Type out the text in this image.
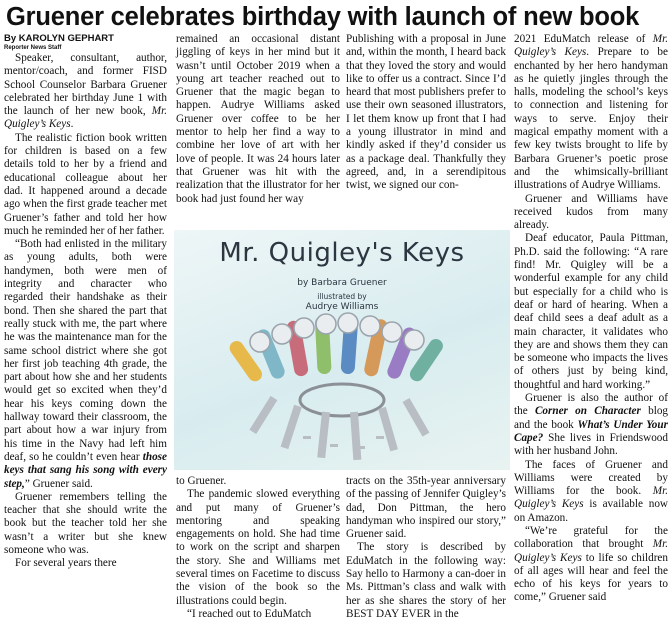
Gruener celebrates birthday with launch of new book
By KAROLYN GEPHART
Reporter News Staff

Speaker, consultant, author, mentor/coach, and former FISD School Counselor Barbara Gruener celebrated her birthday June 1 with the launch of her new book, Mr. Quigley’s Keys.

The realistic fiction book written for children is based on a few details told to her by a friend and educational colleague about her dad. It happened around a decade ago when the first grade teacher met Gruener’s father and told her how much he reminded her of her father.

“Both had enlisted in the military as young adults, both were handymen, both were men of integrity and character who regarded their handshake as their bond. Then she shared the part that really stuck with me, the part where he was the maintenance man for the same school district where she got her first job teaching 4th grade, the part about how she and her students would get so excited when they’d hear his keys coming down the hallway toward their classroom, the part about how a war injury from his time in the Navy had left him deaf, so he couldn’t even hear those keys that sang his song with every step,” Gruener said.

Gruener remembers telling the teacher that she should write the book but the teacher told her she wasn’t a writer but she knew someone who was.

For several years there

remained an occasional distant jiggling of keys in her mind but it wasn’t until October 2019 when a young art teacher reached out to Gruener that the magic began to happen. Audrye Williams asked Gruener over coffee to be her mentor to help her find a way to combine her love of art with her love of people. It was 24 hours later that Gruener was hit with the realization that the illustrator for her book had just found her way

Publishing with a proposal in June and, within the month, I heard back that they loved the story and would like to offer us a contract. Since I’d heard that most publishers prefer to use their own seasoned illustrators, I let them know up front that I had a young illustrator in mind and kindly asked if they’d consider us as a package deal. Thankfully they agreed, and, in a serendipitous twist, we signed our con-

Mr. Quigley's Keys
by Barbara Gruener
illustrated by
Audrye Williams

to Gruener.

The pandemic slowed everything and put many of Gruener’s mentoring and speaking engagements on hold. She had time to work on the script and sharpen the story. She and Williams met several times on Facetime to discuss the vision of the book so the illustrations could begin.

“I reached out to EduMatch

tracts on the 35th-year anniversary of the passing of Jennifer Quigley’s dad, Don Pittman, the hero handyman who inspired our story,” Gruener said.

The story is described by EduMatch in the following way: Say hello to Harmony a can-doer in Ms. Pittman’s class and walk with her as she shares the story of her BEST DAY EVER in the

2021 EduMatch release of Mr. Quigley’s Keys. Prepare to be enchanted by her hero handyman as he quietly jingles through the halls, modeling the school’s keys to connection and listening for ways to serve. Enjoy their magical empathy moment with a few key twists brought to life by Barbara Gruener’s poetic prose and the whimsically-brilliant illustrations of Audrye Williams.

Gruener and Williams have received kudos from many already.

Deaf educator, Paula Pittman, Ph.D. said the following: “A rare find! Mr. Quigley will be a wonderful example for any child but especially for a child who is deaf or hard of hearing. When a deaf child sees a deaf adult as a main character, it validates who they are and shows them they can be someone who impacts the lives of others just by being kind, thoughtful and hard working.”

Gruener is also the author of the Corner on Character blog and the book What’s Under Your Cape? She lives in Friendswood with her husband John.

The faces of Gruener and Williams were created by Williams for the book. Mr. Quigley’s Keys is available now on Amazon.

“We’re grateful for the collaboration that brought Mr. Quigley’s Keys to life so children of all ages will hear and feel the echo of his keys for years to come,” Gruener said
